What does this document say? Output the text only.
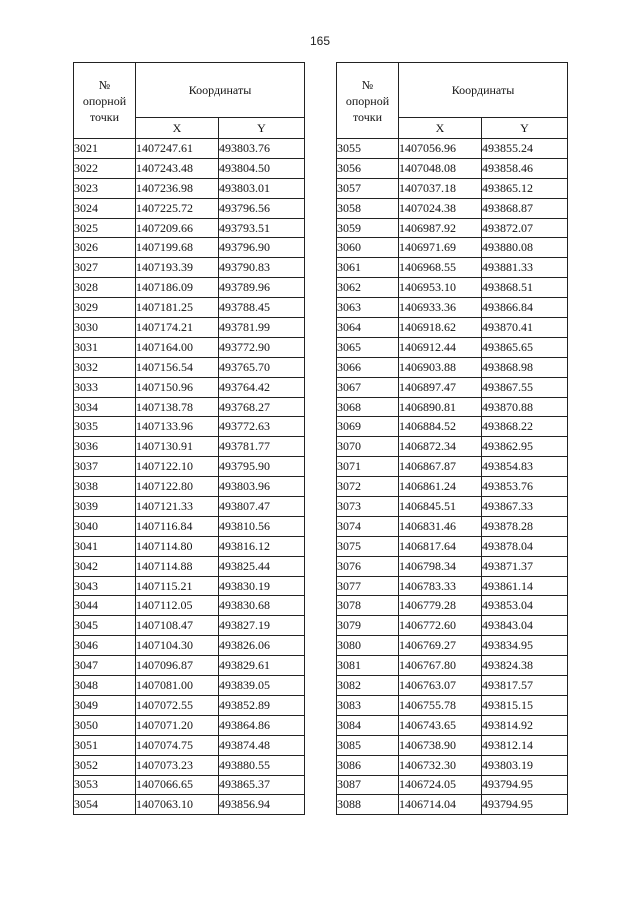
165
№
опорной
точки	Координаты	
	X	Y
3021	1407247.61	493803.76
3022	1407243.48	493804.50
3023	1407236.98	493803.01
3024	1407225.72	493796.56
3025	1407209.66	493793.51
3026	1407199.68	493796.90
3027	1407193.39	493790.83
3028	1407186.09	493789.96
3029	1407181.25	493788.45
3030	1407174.21	493781.99
3031	1407164.00	493772.90
3032	1407156.54	493765.70
3033	1407150.96	493764.42
3034	1407138.78	493768.27
3035	1407133.96	493772.63
3036	1407130.91	493781.77
3037	1407122.10	493795.90
3038	1407122.80	493803.96
3039	1407121.33	493807.47
3040	1407116.84	493810.56
3041	1407114.80	493816.12
3042	1407114.88	493825.44
3043	1407115.21	493830.19
3044	1407112.05	493830.68
3045	1407108.47	493827.19
3046	1407104.30	493826.06
3047	1407096.87	493829.61
3048	1407081.00	493839.05
3049	1407072.55	493852.89
3050	1407071.20	493864.86
3051	1407074.75	493874.48
3052	1407073.23	493880.55
3053	1407066.65	493865.37
3054	1407063.10	493856.94
№
опорной
точки	Координаты	
	X	Y
3055	1407056.96	493855.24
3056	1407048.08	493858.46
3057	1407037.18	493865.12
3058	1407024.38	493868.87
3059	1406987.92	493872.07
3060	1406971.69	493880.08
3061	1406968.55	493881.33
3062	1406953.10	493868.51
3063	1406933.36	493866.84
3064	1406918.62	493870.41
3065	1406912.44	493865.65
3066	1406903.88	493868.98
3067	1406897.47	493867.55
3068	1406890.81	493870.88
3069	1406884.52	493868.22
3070	1406872.34	493862.95
3071	1406867.87	493854.83
3072	1406861.24	493853.76
3073	1406845.51	493867.33
3074	1406831.46	493878.28
3075	1406817.64	493878.04
3076	1406798.34	493871.37
3077	1406783.33	493861.14
3078	1406779.28	493853.04
3079	1406772.60	493843.04
3080	1406769.27	493834.95
3081	1406767.80	493824.38
3082	1406763.07	493817.57
3083	1406755.78	493815.15
3084	1406743.65	493814.92
3085	1406738.90	493812.14
3086	1406732.30	493803.19
3087	1406724.05	493794.95
3088	1406714.04	493794.95
